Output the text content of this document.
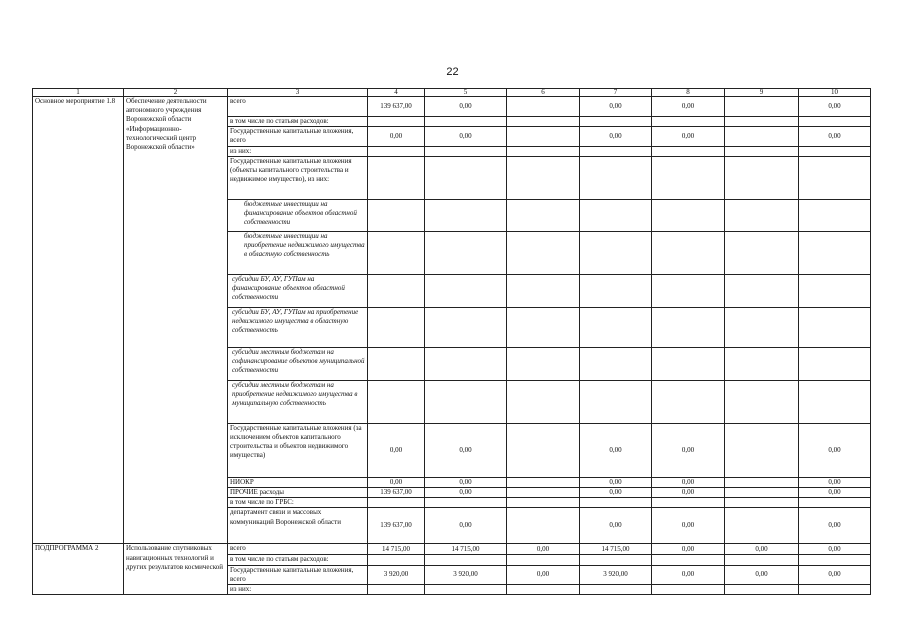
22
1	2	3	4	5	6	7	8	9	10
Основное мероприятие 1.8	Обеспечение деятельности автономного учреждения Воронежской области «Информационно-технологический центр Воронежской области»	всего	139 637,00	0,00		0,00	0,00		0,00
		в том числе по статьям расходов:							
		Государственные капитальные вложения, всего	0,00	0,00		0,00	0,00		0,00
		из них:							
		Государственные капитальные вложения (объекты капитального строительства и недвижимое имущество), из них:							
		бюджетные инвестиции на финансирование объектов областной собственности							
		бюджетные инвестиции на приобретение недвижимого имущества в областную собственность							
		субсидии БУ, АУ, ГУПам на финансирование объектов областной собственности							
		субсидии БУ, АУ, ГУПам на приобретение недвижимого имущества в областную собственность							
		субсидии местным бюджетам на софинансирование объектов муниципальной собственности							
		субсидии местным бюджетам на приобретение недвижимого имущества в муниципальную собственность							
		Государственные капитальные вложения (за исключением объектов капитального строительства и объектов недвижимого имущества)	0,00	0,00		0,00	0,00		0,00
		НИОКР	0,00	0,00		0,00	0,00		0,00
		ПРОЧИЕ расходы	139 637,00	0,00		0,00	0,00		0,00
		в том числе по ГРБС:							
		департамент связи и массовых коммуникаций Воронежской области	139 637,00	0,00		0,00	0,00		0,00
ПОДПРОГРАММА 2	Использование спутниковых навигационных технологий и других результатов космической	всего	14 715,00	14 715,00	0,00	14 715,00	0,00	0,00	0,00
		в том числе по статьям расходов:							
		Государственные капитальные вложения, всего	3 920,00	3 920,00	0,00	3 920,00	0,00	0,00	0,00
		из них:							
